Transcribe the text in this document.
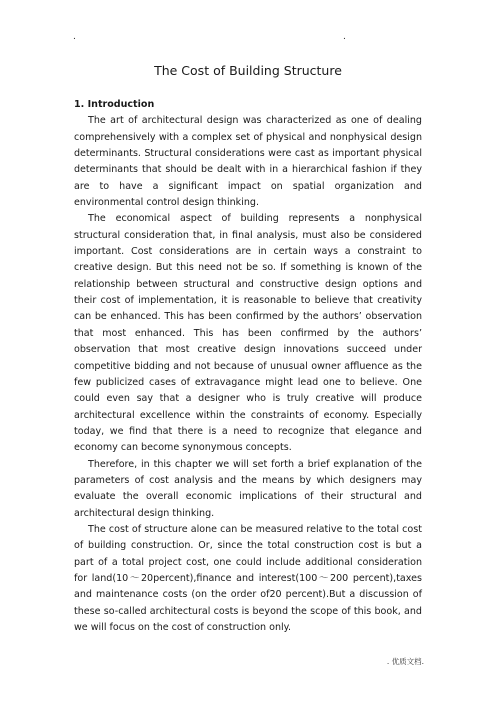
.	.
The Cost of Building Structure

1. Introduction

The art of architectural design was characterized as one of dealing comprehensively with a complex set of physical and nonphysical design determinants. Structural considerations were cast as important physical determinants that should be dealt with in a hierarchical fashion if they are to have a significant impact on spatial organization and environmental control design thinking.

The economical aspect of building represents a nonphysical structural consideration that, in final analysis, must also be considered important. Cost considerations are in certain ways a constraint to creative design. But this need not be so. If something is known of the relationship between structural and constructive design options and their cost of implementation, it is reasonable to believe that creativity can be enhanced. This has been confirmed by the authors’ observation that most enhanced. This has been confirmed by the authors’ observation that most creative design innovations succeed under competitive bidding and not because of unusual owner affluence as the few publicized cases of extravagance might lead one to believe. One could even say that a designer who is truly creative will produce architectural excellence within the constraints of economy. Especially today, we find that there is a need to recognize that elegance and economy can become synonymous concepts.

Therefore, in this chapter we will set forth a brief explanation of the parameters of cost analysis and the means by which designers may evaluate the overall economic implications of their structural and architectural design thinking.

The cost of structure alone can be measured relative to the total cost of building construction. Or, since the total construction cost is but a part of a total project cost, one could include additional consideration for land(10～20percent),finance and interest(100～200 percent),taxes and maintenance costs (on the order of20 percent).But a discussion of these so-called architectural costs is beyond the scope of this book, and we will focus on the cost of construction only.

. 优质文档.
